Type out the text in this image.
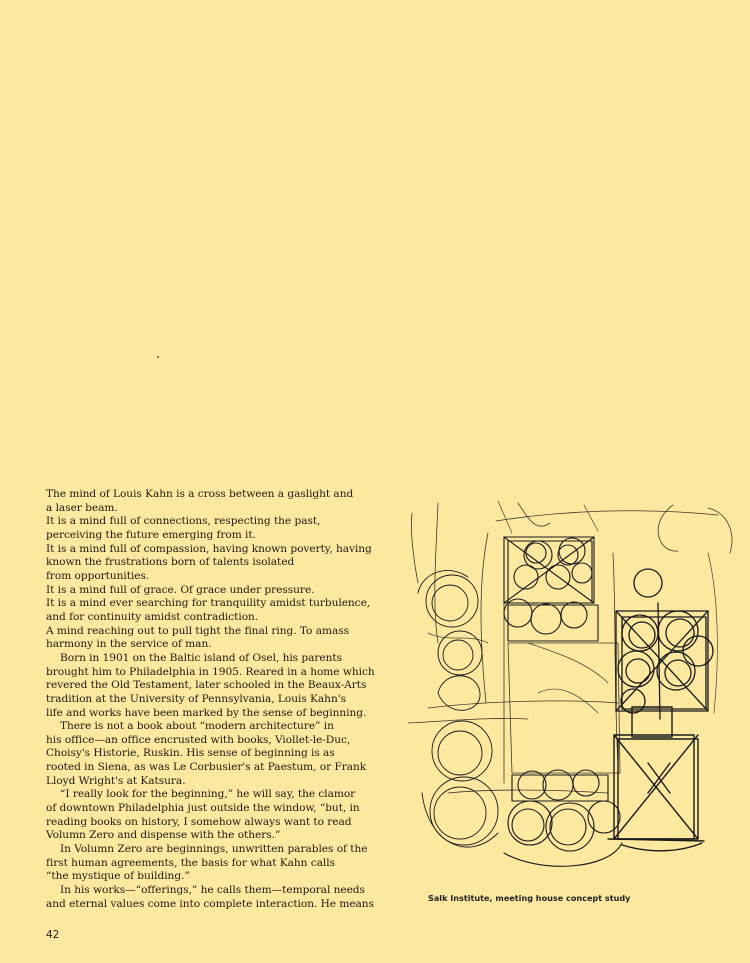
The mind of Louis Kahn is a cross between a gaslight and
a laser beam.
It is a mind full of connections, respecting the past,
perceiving the future emerging from it.
It is a mind full of compassion, having known poverty, having
known the frustrations born of talents isolated
from opportunities.
It is a mind full of grace. Of grace under pressure.
It is a mind ever searching for tranquility amidst turbulence,
and for continuity amidst contradiction.
A mind reaching out to pull tight the final ring. To amass
harmony in the service of man.
Born in 1901 on the Baltic island of Osel, his parents
brought him to Philadelphia in 1905. Reared in a home which
revered the Old Testament, later schooled in the Beaux-Arts
tradition at the University of Pennsylvania, Louis Kahn's
life and works have been marked by the sense of beginning.
There is not a book about “modern architecture” in
his office—an office encrusted with books, Viollet-le-Duc,
Choisy's Historie, Ruskin. His sense of beginning is as
rooted in Siena, as was Le Corbusier's at Paestum, or Frank
Lloyd Wright's at Katsura.
“I really look for the beginning,” he will say, the clamor
of downtown Philadelphia just outside the window, “but, in
reading books on history, I somehow always want to read
Volumn Zero and dispense with the others.”
In Volumn Zero are beginnings, unwritten parables of the
first human agreements, the basis for what Kahn calls
“the mystique of building.”
In his works—“offerings,” he calls them—temporal needs
and eternal values come into complete interaction. He means	Salk Institute, meeting house concept study
42
